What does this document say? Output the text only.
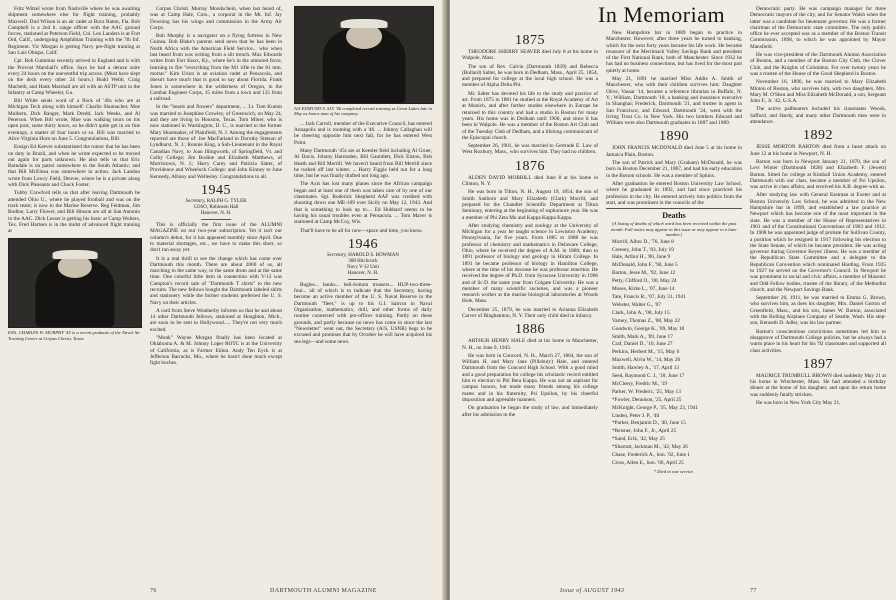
Fritz Witzel wrote from Nashville where he was awaiting shipment somewhere else for flight training, probably Maxwell. Dud Wilson is an air cadet at Boca Raton, Fla. Bob Campbell is a 2nd lt. range officer with the AAC ground forces, stationed at Peterson Field, Col. Len Landers is at Fort Ord, Calif., undergoing Amphibian Training with the 7th Inf. Regiment. Vic Morgan is getting Navy pre-flight training at San Luis Obispo, Calif.

Cpl. Bob Cummins recently arrived in England and is with the Provost Marshall's office. Says he had a deluxe suite every 24 hours on the uneventful trip across. (Must have slept on the deck every other 24 hours.) Budd Webb, Craig Macbeth, and Hank Marshall are all with an ASTP unit in the Infantry at Camp Wheeler, Ga.

Bill White sends word of a flock of '46s who are at Michigan Tech along with himself: Charlie Shumacher, Moe Mulhern, Dick Ranger, Mark Dredd, Jack Weeks, and Al Peterson. When Bill wrote, Moe was walking tours on his open post, some thirty hours, so he didn't quite get in on fine evenings, a matter of four hours or so. Bill was married to Alice Virginia Horn on June 5. Congratulations, Bill.

Ensign Ed Keever substantiated the rumor that he has been on duty in Brazil, and when he wrote expected to be moved out again for parts unknown. He also tells us that Eric Barndale is on patrol somewhere in the South Atlantic; and that Bill McElnea was somewhere in action. Jack Landon wrote from Lowry Field, Denver, where he is a private along with Dick Pleasants and Chuck Foster.

Tubby Crawford tells us that after leaving Dartmouth he attended Ohio U., where he played football and was on the track team; is now in the Marine Reserve. Reg Feldman, Jim Bodine, Larry Flower, and Bill Hinson are all at San Antonio in the AAC. Dick Lesser is getting his basic at Camp Wolters, Tex. Fred Hartsen is in the midst of advanced flight training at

ENS. CHARLES W. MURPHY '45 is a recent graduate of the Naval Air Training Center at Corpus Christi, Texas.

Corpus Christi. Murray Mondschein, when last heard of, was at Camp Hale, Colo., a corporal in the Mt. Inf. Jay Downing has his wings and commission in the Army Air Corps.

Bob Murphy is a navigator on a flying fortress in New Guinea. Bob Blake's parents send news that he has been in North Africa with the American Field Service... who when last heard from was writing from a slit trench. Max Edwards writes from Fort Knox, Ky., where he's in the armored force, learning to fire "everything from the M1 rifle to the 81 mm. mortar." Kim Urion is an aviation cadet at Pensacola, and doesn't have much that is good to say about Florida. Frank Jones is somewhere in the wilderness of Oregon, in the Combat Engineer Corps, 15 miles from a town and 135 from a railroad.

In the "hearts and flowers" department, ... Lt. Tom Kumm was married to Josephine Crowley, of Greenwich, on May 24, and they are living in Houston, Texas. Tom Miner, who is now stationed in Washington, D. C., is married to the former Mary Shoemaker, of Plainfield, N. J. Among the engagements reported are those of: Joe MacFarland to Dorothy Stetson of Lyndhurst, N. J.; Ronnie King, a Sub-Lieutenant in the Royal Canadian Navy, to Joan Illingworth, of Springfield, Vt. and Colby College; Jim Bodine and Elizabeth Matthews, of Morristown, N. J.; Harry Carey and Patricia Slater, of Providence and Wheelock College; and John Kinney to June Kennedy, Albany and Wellesley. Congratulations to all.

1945
Secretary, RALPH G. TYLER
COSO, Robinson Hall
Hanover, N. H.

This is officially the first issue of the ALUMNI MAGAZINE on our two-year subscription. Yet it isn't our column's debut, for it has appeared monthly since April. Due to material shortages, etc., we have to make this short, so don't run away yet.

It is a real thrill to see the change which has come over Dartmouth this month. There are about 2000 of us, all marching in the same way, to the same drum and at the same time. One colorful little item in connection with V-12 was Campion's record sale of "Dartmouth T shirts" to the new recruits. The new fellows bought the Dartmouth labeled shirts and stationery while the former students preferred the U. S. Navy on their articles.

A card from Steve Weatherby informs us that he and about 14 other Dartmouth fellows, stationed at Houghton, Mich., are soon to be sent to Hollywood..... They're not very much excited.

"Monk" Wayne Morgan finally has been located at Oklahoma A. & M. Johnny Loper ROTC is at the University of California, as is Farmer Eldon. Andy Ten Eyck is at Jefferson Barracks, Mo., where he hasn't done much except fight boches.

A/S EDMUND S. SLY '46 completed recruit training at Great Lakes late in May as honor man of his company.

... Jack Carroll, member of the Executive Council, has entered Annapolis and is rooming with a '46. ... Johnny Callaghan will be cheering opposite him next fall, for he has entered West Point.

Many Dartmouth '45s are at Keesler field including Al Gruer, Al Davis, Johnny Harmsden, Bill Gauntlett, Dick Elston, Bob Heath and Bill Merrill. We haven't heard from Bill Merrill since he rushed off last winter. ... Harry Figgie held out for a long time, but he was finally drafted not long ago.

The Axis has lost many planes since the African campaign began and at least one of them was taken care of by one of our classmates. Sgt. Roderick Shepherd AAF was credited with shooting down one ME-109 over Sicily on May 12, 1943. And that is something to look up to.... Ed Hubbard seems to be having his usual troubles even at Pensacola. ... Tom Maver is stationed at Camp McCoy, Wis.

That'll have to be all for now—space and time, you know.

1946
Secretary, HAROLD S. BOWMAN
308 Hitchcock
Navy V-12 Unit
Hanover, N. H.

Bugles... bunks... bell-bottom trousers... HUP-two-three-four... all of which is to indicate that the Secretary, having become an active member of the U. S. Naval Reserve in the Dartmouth "fleet," is up to his G.I. haircut in Naval Organization, mathematics, drill, and other forms of daily routine connected with pre-officer training. Partly on these grounds, and partly because no news has come in since the last "Newsletter" went out, the Secretary (A/S, USNR) begs to be excused and promises that by October he will have acquired his sea legs—and some news.

76	DARTMOUTH ALUMNI MAGAZINE
In Memoriam
1875

THEODORE SHERRY SEAVER died July 8 at his home in Walpole, Mass.

The son of Rev. Calvin (Dartmouth 1839) and Rebecca (Bullard) Salter, he was born in Dedham, Mass., April 25, 1854, and prepared for college at the local high school. He was a member of Alpha Delta Phi.

Mr. Salter has devoted his life to the study and practice of art. From 1875 to 1881 he studied at the Royal Academy of Art at Munich, and after further studies elsewhere in Europe he returned to this country and had a studio in Boston for many years. His home was in Dedham until 1900, and since it has been in Walpole. He was a member of the Boston Art Club and of the Tuesday Club of Dedham, and a lifelong communicant of the Episcopal church.

September 26, 1901, he was married to Gertrude E. Law of West Roxbury, Mass., who survives him. They had no children.

1876

ALDEN DAVID MORRILL died June 8 at his home in Clinton, N. Y.

He was born in Tilton, N. H., August 19, 1854, the son of Smith Sanborn and Mary Elizabeth (Clark) Morrill, and prepared for the Chandler Scientific Department at Tilton Seminary, entering at the beginning of sophomore year. He was a member of Phi Zeta Mu and Kappa Kappa Kappa.

After studying chemistry and zoology at the University of Michigan for a year he taught science in Lewiston Academy, Pennsylvania, for five years. From 1885 to 1888 he was professor of chemistry and mathematics in Delaware College, Ohio, where he received the degree of A.M. in 1886; then to 1891 professor of biology and geology in Hiram College. In 1891 he became professor of biology in Hamilton College, where at the time of his decease he was professor emeritus. He received the degree of Ph.D. from Syracuse University in 1906 and of Sc.D. the same year from Colgate University. He was a member of many scientific societies, and was a pioneer research worker at the marine biological laboratories at Woods Hole, Mass.

December 25, 1879, he was married to Arianna Elizabeth Carver of Binghamton, N. Y. Their only child died in infancy.

1886

ARTHUR HENRY HALE died at his home in Manchester, N. H., on June 9, 1943.

He was born in Concord, N. H., March 27, 1864, the son of William H. and Mary Jane (Pillsbury) Hale, and entered Dartmouth from the Concord High School. With a good mind and a good preparation for college his scholastic record entitled him to election to Phi Beta Kappa. He was not an aspirant for campus honors, but made many friends among his college mates and in his fraternity, Psi Upsilon, by his cheerful disposition and agreeable manners.

On graduation he began the study of law, and immediately after his admission to the

New Hampshire bar in 1889 began to practice in Manchester. However, after three years he turned to banking, which for the next forty years became his life work. He became treasurer of the Merrimack Valley Savings Bank and president of the First National Bank, both of Manchester. Since 1932 he has had no business connections, but has lived for the most part quietly at home.

May 21, 1891 he married Miss Addie A. Smith of Manchester, who with their children survives him: Daughter Olive, Vassar '14, became a reference librarian in Buffalo, N. Y.; William, Dartmouth '18, a banking and insurance executive in Shanghai; Frederick, Dartmouth '21, and trustee in agent in San Francisco; and Edward, Dartmouth '24, went with the Irving Trust Co. in New York. His two brothers Edward and William were also Dartmouth graduates in 1887 and 1889.

1890

JOHN FRANCIS MCDONALD died June 5 at his home in Jamaica Plain, Boston.

The son of Patrick and Mary (Graham) McDonald, he was born in Boston December 21, 1867, and had his early education in the Boston schools. He was a member of Sphinx.

After graduation he entered Boston University Law School, where he graduated in 1892, and had since practiced his profession in the city. He entered actively into politics from the start, and was prominent in the councils of the

Deaths
[A listing of deaths of which word has been received within the past month. Full notice may appear in this issue or may appear in a later number.]

Morrill, Albro D., '76, June 8

Creesey, John T., '83, July 19

Hale, Arthur H., '86, June 9

McDonald, John F., '90, June 5

Barton, Jesse M., '92, June 12

Petty, Clifford O., '00, May 24

Moses, Kirke L., '07, June 14

Tate, Francis R., '07, July 31, 1941

Webster, Walter G., '07

Clark, John A., '08, July 15

Varney, Thomas Z., '08, May 22

Goodwin, George K., '09, May 18

Smith, Mark A., '09, June 17

Craf, Daniel D., '10, June 27

Perkins, Herbert M., '15, May 6

Maxwell, Alvin W., '14, May 26

Smith, Hawley A., '17, April 13

Seed, Raymond C. J., '18, June 17

McCleery, Fredric M., '19

Parker, W. Frederic, '25, May 13

*Fowler, Dennison, '25, April 25

McKnight, George P., '35, May 23, 1941

Linden, Peter J. P., '40

*Parker, Benjamin D., '40, June 15

*Reisner, John F., Jr., April 25

*Sand, Erik, '42, May 25

*Sharratt, Jackman M., '42, May 26

Chase, Frederick A., hon. '92, June 1

Cross, Allen E., hon. '06, April 25

* Died in war service.

Democratic party. He was campaign manager for three Democratic mayors of the city, and for Senator Walsh when the latter was a candidate for lieutenant governor. He was a former chairman of the Democratic state committee. The only public office he ever accepted was as a member of the Boston Transit Commission, 1898, to which he was appointed by Mayor Mansfield.

He was vice-president of the Dartmouth Alumni Association of Boston, and a member of the Boston City Club, the Clover Club, and the Knights of Columbus. For over twenty years he was a trustee of the House of the Good Shepherd in Boston.

November 16, 1896, he was married to Mary Elizabeth Minton of Boston, who survives him, with two daughters, Mrs. Mary M. O'Shea and Miss Elizabeth McDonald, a son, Sergeant John F., Jr. '42, U.S.A.

The active pallbearers included his classmates Woods, Safford, and Hardy, and many other Dartmouth men were in attendance.

1892

JESSE MORTON BARTON died from a heart attack on June 12 at his home in Newport, N. H.

Barton was born in Newport January 21, 1870, the son of Levi Winter (Dartmouth 1828) and Elizabeth F. (Jewett) Barton. Sitted for college at Kimball Union Academy, entered Dartmouth with our class, became a member of Psi Upsilon, was active in class affairs, and received his A.B. degree with us.

After studying law with General Eastman at Exeter and at Boston University Law School, he was admitted to the New Hampshire bar in 1899, and established a law practice at Newport which has become one of the most important in the state. He was a member of the House of Representatives in 1901 and of the Constitutional Conventions of 1903 and 1912. In 1908 he was appointed judge of probate for Sullivan County, a position which he resigned in 1917 following his election to the State Senate, of which he became president. He was acting governor during Governor Keyes' illness. He was a member of the Republican State Committee and a delegate to the Republican Convention which nominated Harding. From 1925 to 1927 he served on the Governor's Council. In Newport he was prominent in social and civic affairs, a member of Masonic and Odd Fellow bodies, trustee of the library, of the Methodist church, and the Newport Savings Bank.

September 20, 1911, he was married to Emma G. Brown, who survives him, as does his daughter, Mrs. Daniel Gorton of Greenfield, Mass., and his son, James W. Barton, associated with the Bolling Airplane Company of Seattle, Wash. His step-son, Kenneth D. Adler, was his law partner.

Barton's conscientious convictions sometimes led him to disapprove of Dartmouth College policies, but he always had a warm place in his heart for his '92 classmates and supported all class activities.

1897

MAURICE TRUMBULL BROWN died suddenly May 21 at his home in Winchester, Mass. He had attended a birthday dinner at the home of his daughter, and upon his return home was suddenly fatally stricken.

He was born in New York City May 21,

Issue of AUGUST 1943	77
